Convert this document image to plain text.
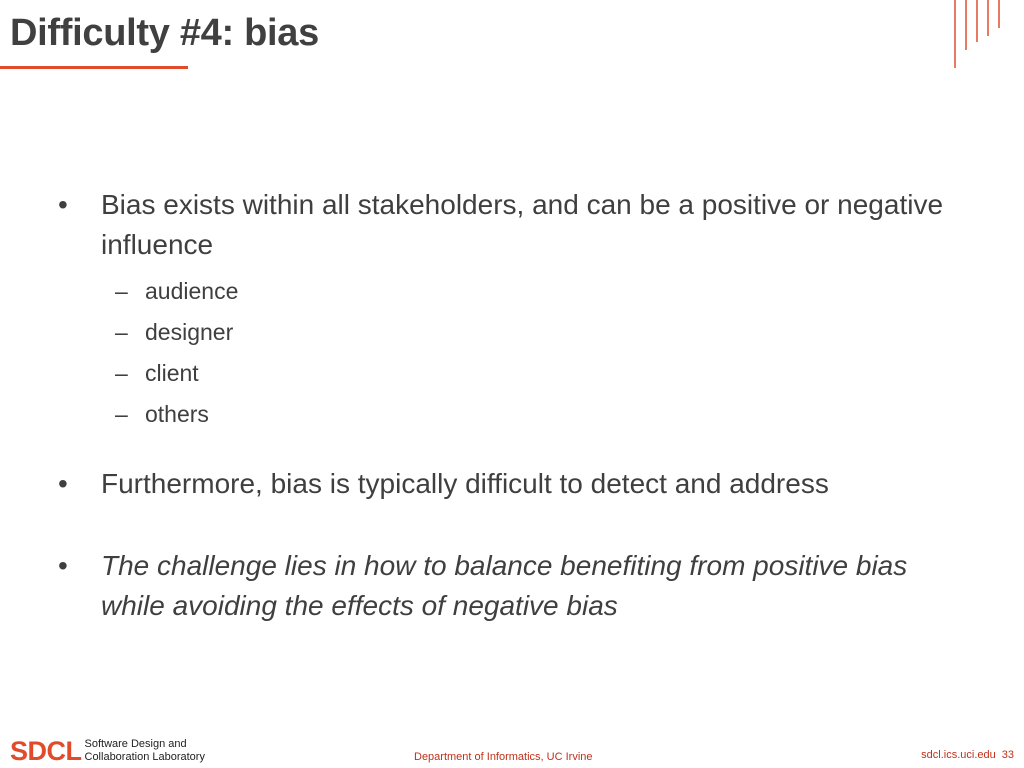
Difficulty #4: bias
• Bias exists within all stakeholders, and can be a positive or negative influence
– audience
– designer
– client
– others
• Furthermore, bias is typically difficult to detect and address
• The challenge lies in how to balance benefiting from positive bias while avoiding the effects of negative bias
SDCL Software Design and
Collaboration Laboratory	Department of Informatics, UC Irvine	sdcl.ics.uci.edu 33
